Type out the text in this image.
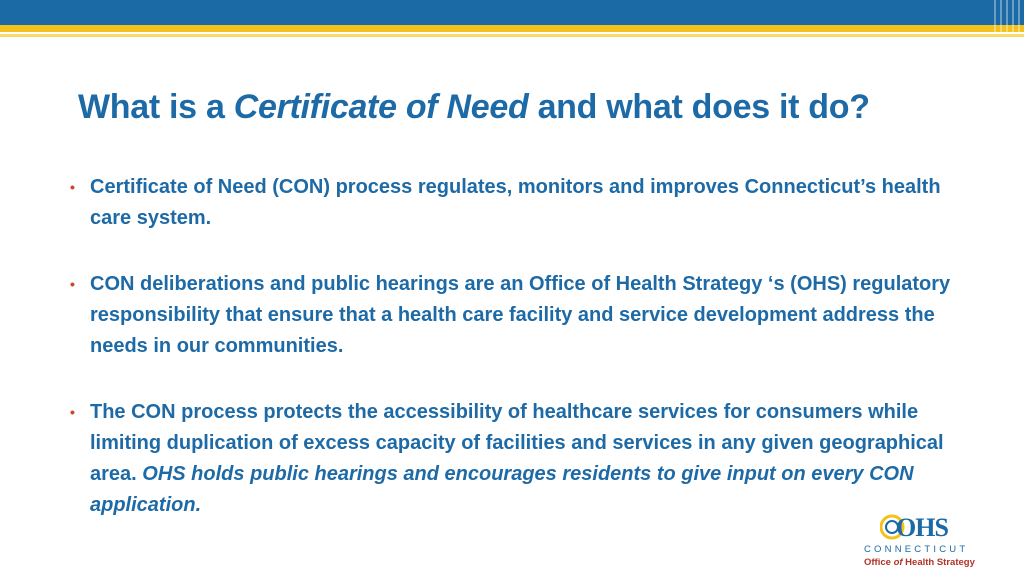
What is a Certificate of Need and what does it do?
• Certificate of Need (CON) process regulates, monitors and improves Connecticut’s health care system.
• CON deliberations and public hearings are an Office of Health Strategy ‘s (OHS) regulatory responsibility that ensure that a health care facility and service development address the needs in our communities.
• The CON process protects the accessibility of healthcare services for consumers while limiting duplication of excess capacity of facilities and services in any given geographical area. OHS holds public hearings and encourages residents to give input on every CON application.
OHS
CONNECTICUT
Office of Health Strategy
